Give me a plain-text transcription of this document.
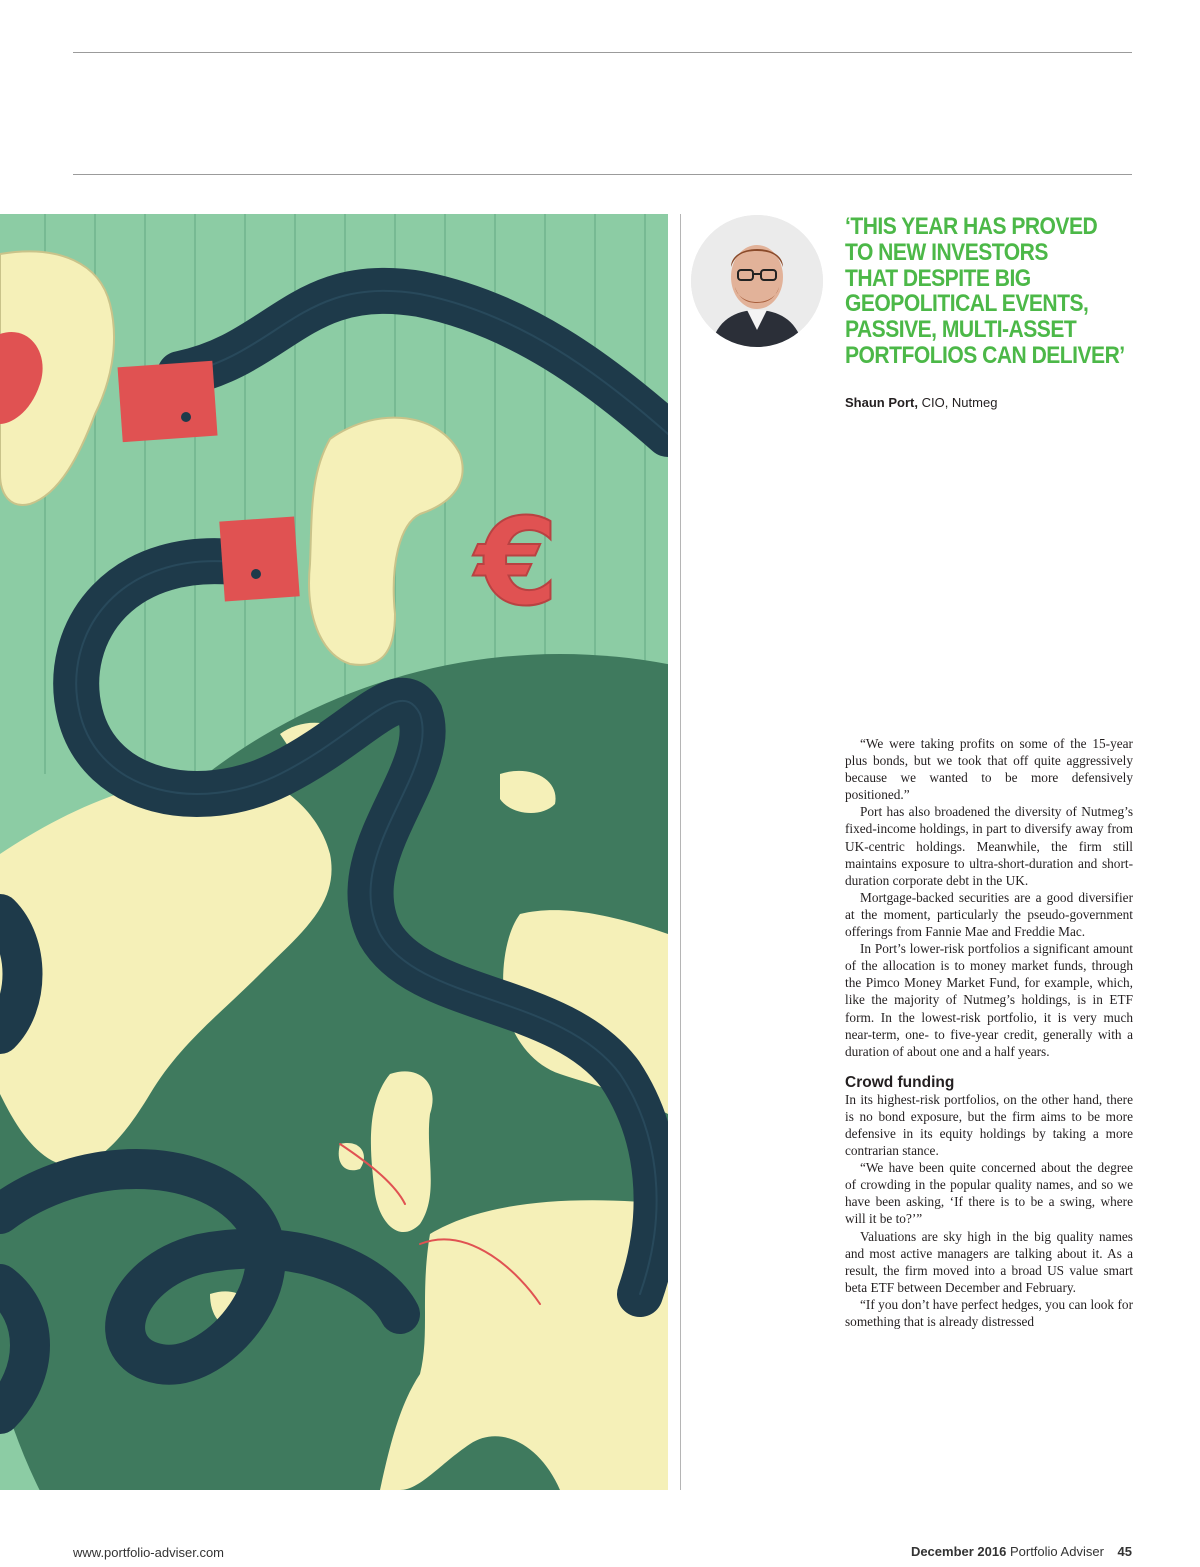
€

‘THIS YEAR HAS PROVED
TO NEW INVESTORS
THAT DESPITE BIG
GEOPOLITICAL EVENTS,
PASSIVE, MULTI-ASSET
PORTFOLIOS CAN DELIVER’

Shaun Port, CIO, Nutmeg

“We were taking profits on some of the 15-year plus bonds, but we took that off quite aggressively because we wanted to be more defensively positioned.”

Port has also broadened the diversity of Nutmeg’s fixed-income holdings, in part to diversify away from UK-centric holdings. Meanwhile, the firm still maintains exposure to ultra-short-duration and short-duration corporate debt in the UK.

Mortgage-backed securities are a good diversifier at the moment, particularly the pseudo-government offerings from Fannie Mae and Freddie Mac.

In Port’s lower-risk portfolios a significant amount of the allocation is to money market funds, through the Pimco Money Market Fund, for example, which, like the majority of Nutmeg’s holdings, is in ETF form. In the lowest-risk portfolio, it is very much near-term, one- to five-year credit, generally with a duration of about one and a half years.

Crowd funding

In its highest-risk portfolios, on the other hand, there is no bond exposure, but the firm aims to be more defensive in its equity holdings by taking a more contrarian stance.

“We have been quite concerned about the degree of crowding in the popular quality names, and so we have been asking, ‘If there is to be a swing, where will it be to?’”

Valuations are sky high in the big quality names and most active managers are talking about it. As a result, the firm moved into a broad US value smart beta ETF between December and February.

“If you don’t have perfect hedges, you can look for something that is already distressed

www.portfolio-adviser.com	December 2016 Portfolio Adviser 45
